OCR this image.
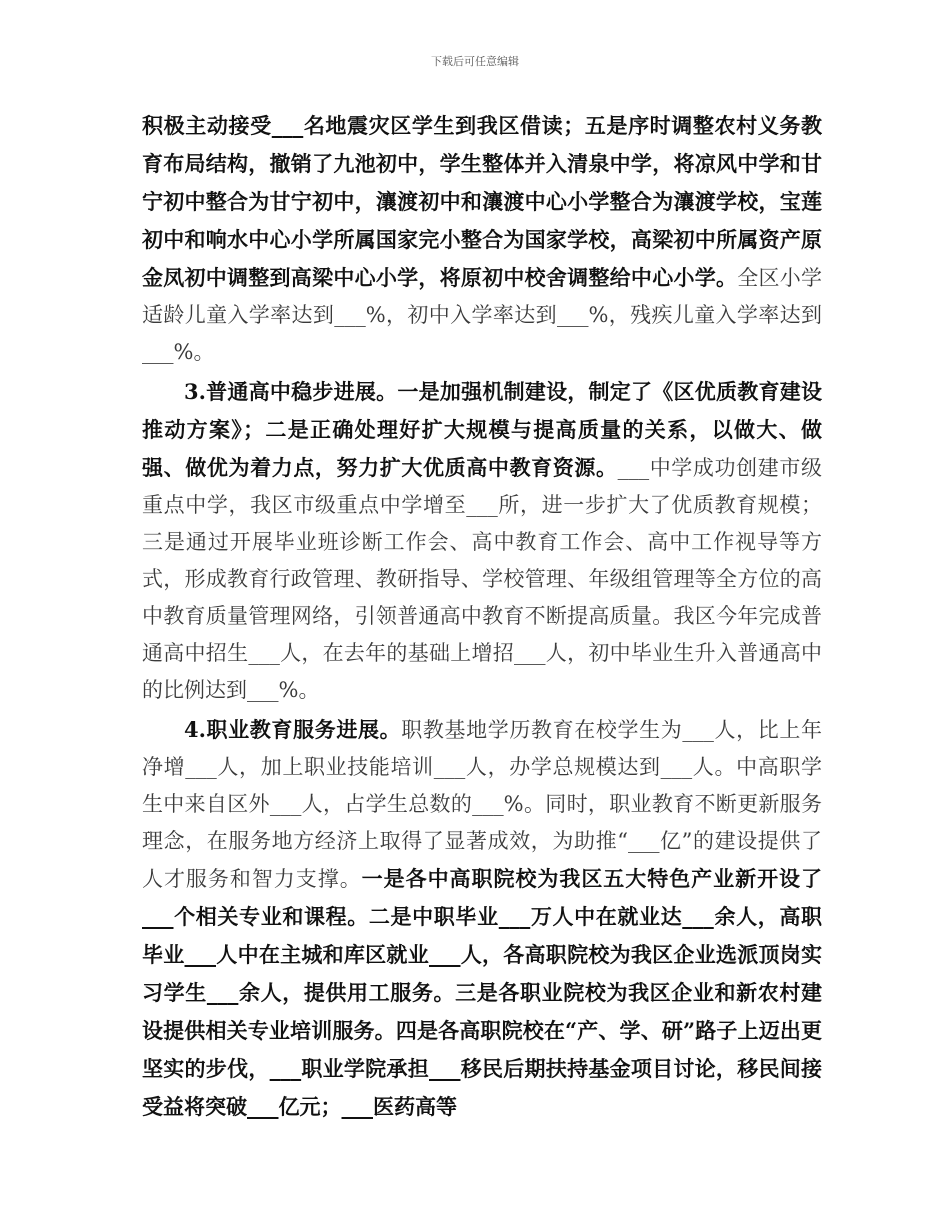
下载后可任意编辑

积极主动接受___名地震灾区学生到我区借读；五是序时调整农村义务教育布局结构，撤销了九池初中，学生整体并入清泉中学，将凉风中学和甘宁初中整合为甘宁初中，瀼渡初中和瀼渡中心小学整合为瀼渡学校，宝莲初中和响水中心小学所属国家完小整合为国家学校，高梁初中所属资产原金凤初中调整到高梁中心小学，将原初中校舍调整给中心小学。全区小学适龄儿童入学率达到___%，初中入学率达到___%，残疾儿童入学率达到___%。

3.普通高中稳步进展。一是加强机制建设，制定了《区优质教育建设推动方案》；二是正确处理好扩大规模与提高质量的关系，以做大、做强、做优为着力点，努力扩大优质高中教育资源。___中学成功创建市级重点中学，我区市级重点中学增至___所，进一步扩大了优质教育规模；三是通过开展毕业班诊断工作会、高中教育工作会、高中工作视导等方式，形成教育行政管理、教研指导、学校管理、年级组管理等全方位的高中教育质量管理网络，引领普通高中教育不断提高质量。我区今年完成普通高中招生___人，在去年的基础上增招___人，初中毕业生升入普通高中的比例达到___%。

4.职业教育服务进展。职教基地学历教育在校学生为___人，比上年净增___人，加上职业技能培训___人，办学总规模达到___人。中高职学生中来自区外___人，占学生总数的___%。同时，职业教育不断更新服务理念，在服务地方经济上取得了显著成效，为助推“___亿”的建设提供了人才服务和智力支撑。一是各中高职院校为我区五大特色产业新开设了___个相关专业和课程。二是中职毕业___万人中在就业达___余人，高职毕业___人中在主城和库区就业___人，各高职院校为我区企业选派顶岗实习学生___余人，提供用工服务。三是各职业院校为我区企业和新农村建设提供相关专业培训服务。四是各高职院校在“产、学、研”路子上迈出更坚实的步伐，___职业学院承担___移民后期扶持基金项目讨论，移民间接受益将突破___亿元；___医药高等
